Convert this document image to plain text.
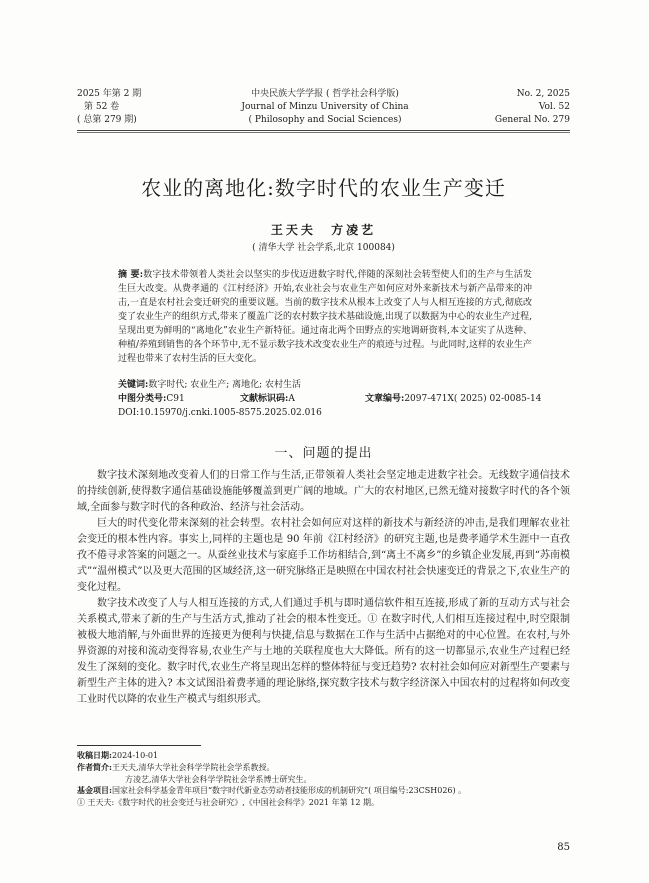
2025 年第 2 期
第 52 卷
( 总第 279 期)
中央民族大学学报 ( 哲学社会科学版)
Journal of Minzu University of China
( Philosophy and Social Sciences)
No. 2, 2025
Vol. 52
General No. 279
农业的离地化:数字时代的农业生产变迁
王天夫 方凌艺
( 清华大学 社会学系,北京 100084)
摘 要:数字技术带领着人类社会以坚实的步伐迈进数字时代,伴随的深刻社会转型使人们的生产与生活发生巨大改变。从费孝通的《江村经济》开始,农业社会与农业生产如何应对外来新技术与新产品带来的冲击,一直是农村社会变迁研究的重要议题。当前的数字技术从根本上改变了人与人相互连接的方式,彻底改变了农业生产的组织方式,带来了覆盖广泛的农村数字技术基础设施,出现了以数据为中心的农业生产过程,呈现出更为鲜明的“离地化”农业生产新特征。通过南北两个田野点的实地调研资料,本文证实了从选种、种植/养殖到销售的各个环节中,无不显示数字技术改变农业生产的痕迹与过程。与此同时,这样的农业生产过程也带来了农村生活的巨大变化。
关键词:数字时代; 农业生产; 离地化; 农村生活
中图分类号:C91	文献标识码:A	文章编号:2097-471X( 2025) 02-0085-14
DOI:10.15970/j.cnki.1005-8575.2025.02.016
一、问题的提出

数字技术深刻地改变着人们的日常工作与生活,正带领着人类社会坚定地走进数字社会。无线数字通信技术的持续创新,使得数字通信基础设施能够覆盖到更广阔的地域。广大的农村地区,已然无缝对接数字时代的各个领域,全面参与数字时代的各种政治、经济与社会活动。

巨大的时代变化带来深刻的社会转型。农村社会如何应对这样的新技术与新经济的冲击,是我们理解农业社会变迁的根本性内容。事实上,同样的主题也是 90 年前《江村经济》的研究主题,也是费孝通学术生涯中一直孜孜不倦寻求答案的问题之一。从蚕丝业技术与家庭手工作坊相结合,到“离土不离乡”的乡镇企业发展,再到“苏南模式”“温州模式”以及更大范围的区域经济,这一研究脉络正是映照在中国农村社会快速变迁的背景之下,农业生产的变化过程。

数字技术改变了人与人相互连接的方式,人们通过手机与即时通信软件相互连接,形成了新的互动方式与社会关系模式,带来了新的生产与生活方式,推动了社会的根本性变迁。① 在数字时代,人们相互连接过程中,时空限制被极大地消解,与外面世界的连接更为便利与快捷,信息与数据在工作与生活中占据绝对的中心位置。在农村,与外界资源的对接和流动变得容易,农业生产与土地的关联程度也大大降低。所有的这一切都显示,农业生产过程已经发生了深刻的变化。数字时代,农业生产将呈现出怎样的整体特征与变迁趋势? 农村社会如何应对新型生产要素与新型生产主体的进入? 本文试图沿着费孝通的理论脉络,探究数字技术与数字经济深入中国农村的过程将如何改变工业时代以降的农业生产模式与组织形式。

收稿日期:2024-10-01
作者简介:王天夫,清华大学社会科学学院社会学系教授。
方凌艺,清华大学社会科学学院社会学系博士研究生。
基金项目:国家社会科学基金青年项目“数字时代新业态劳动者技能形成的机制研究”( 项目编号:23CSH026) 。
① 王天夫:《数字时代的社会变迁与社会研究》,《中国社会科学》2021 年第 12 期。
85
